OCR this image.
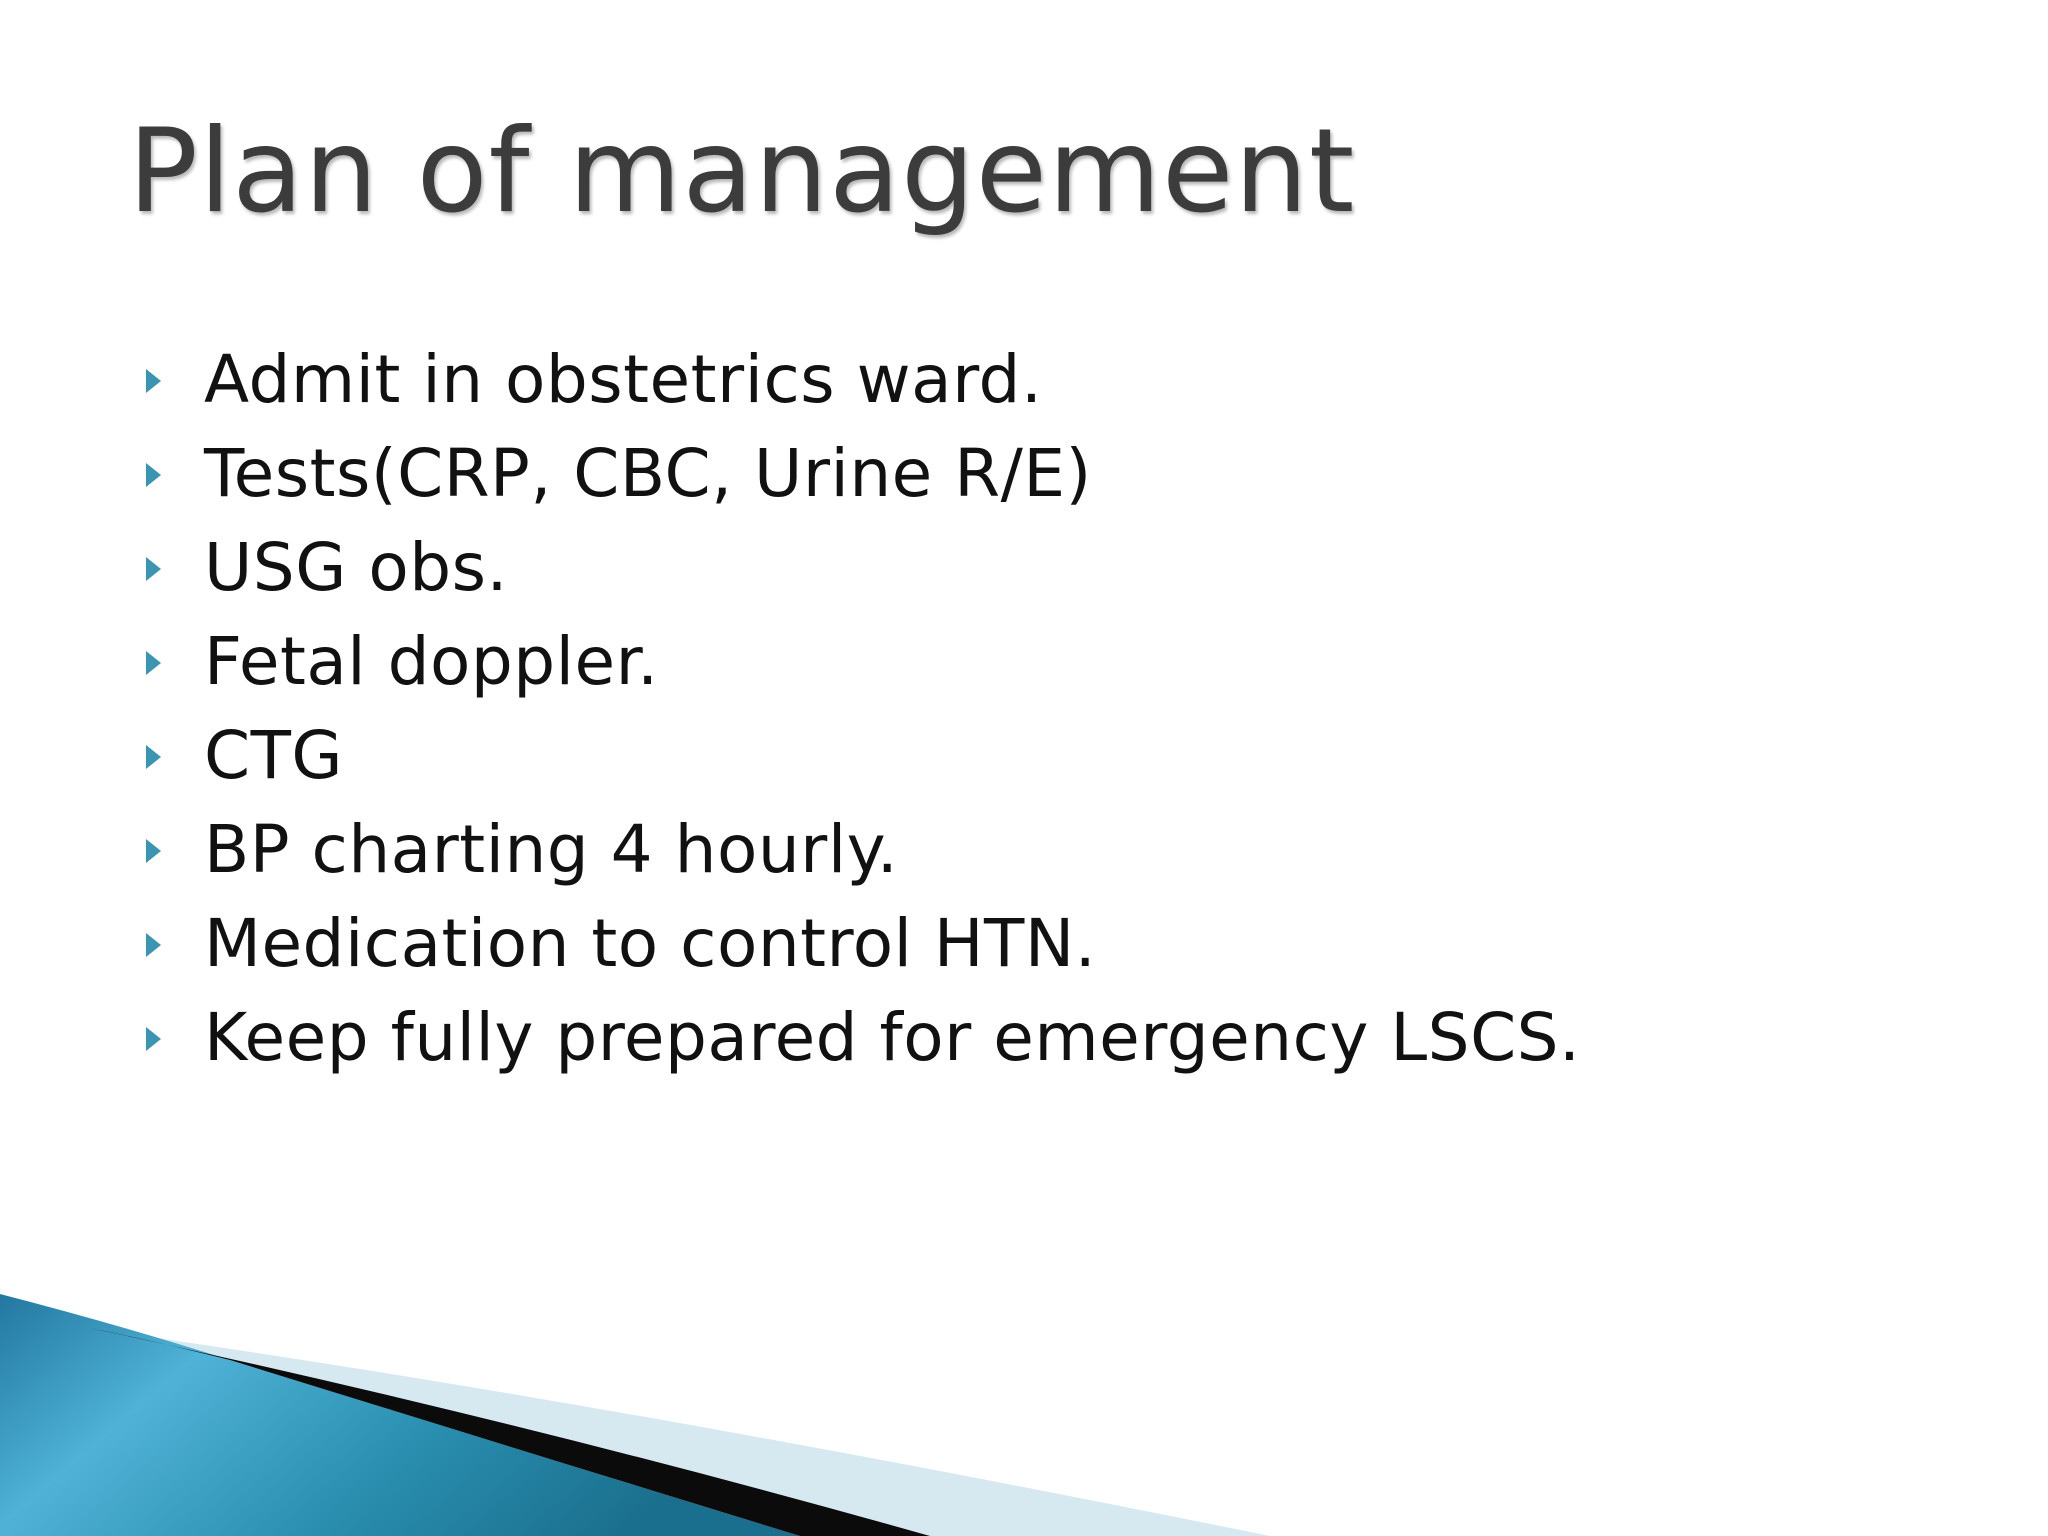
Plan of management
Admit in obstetrics ward.
Tests(CRP, CBC, Urine R/E)
USG obs.
Fetal doppler.
CTG
BP charting 4 hourly.
Medication to control HTN.
Keep fully prepared for emergency LSCS.
